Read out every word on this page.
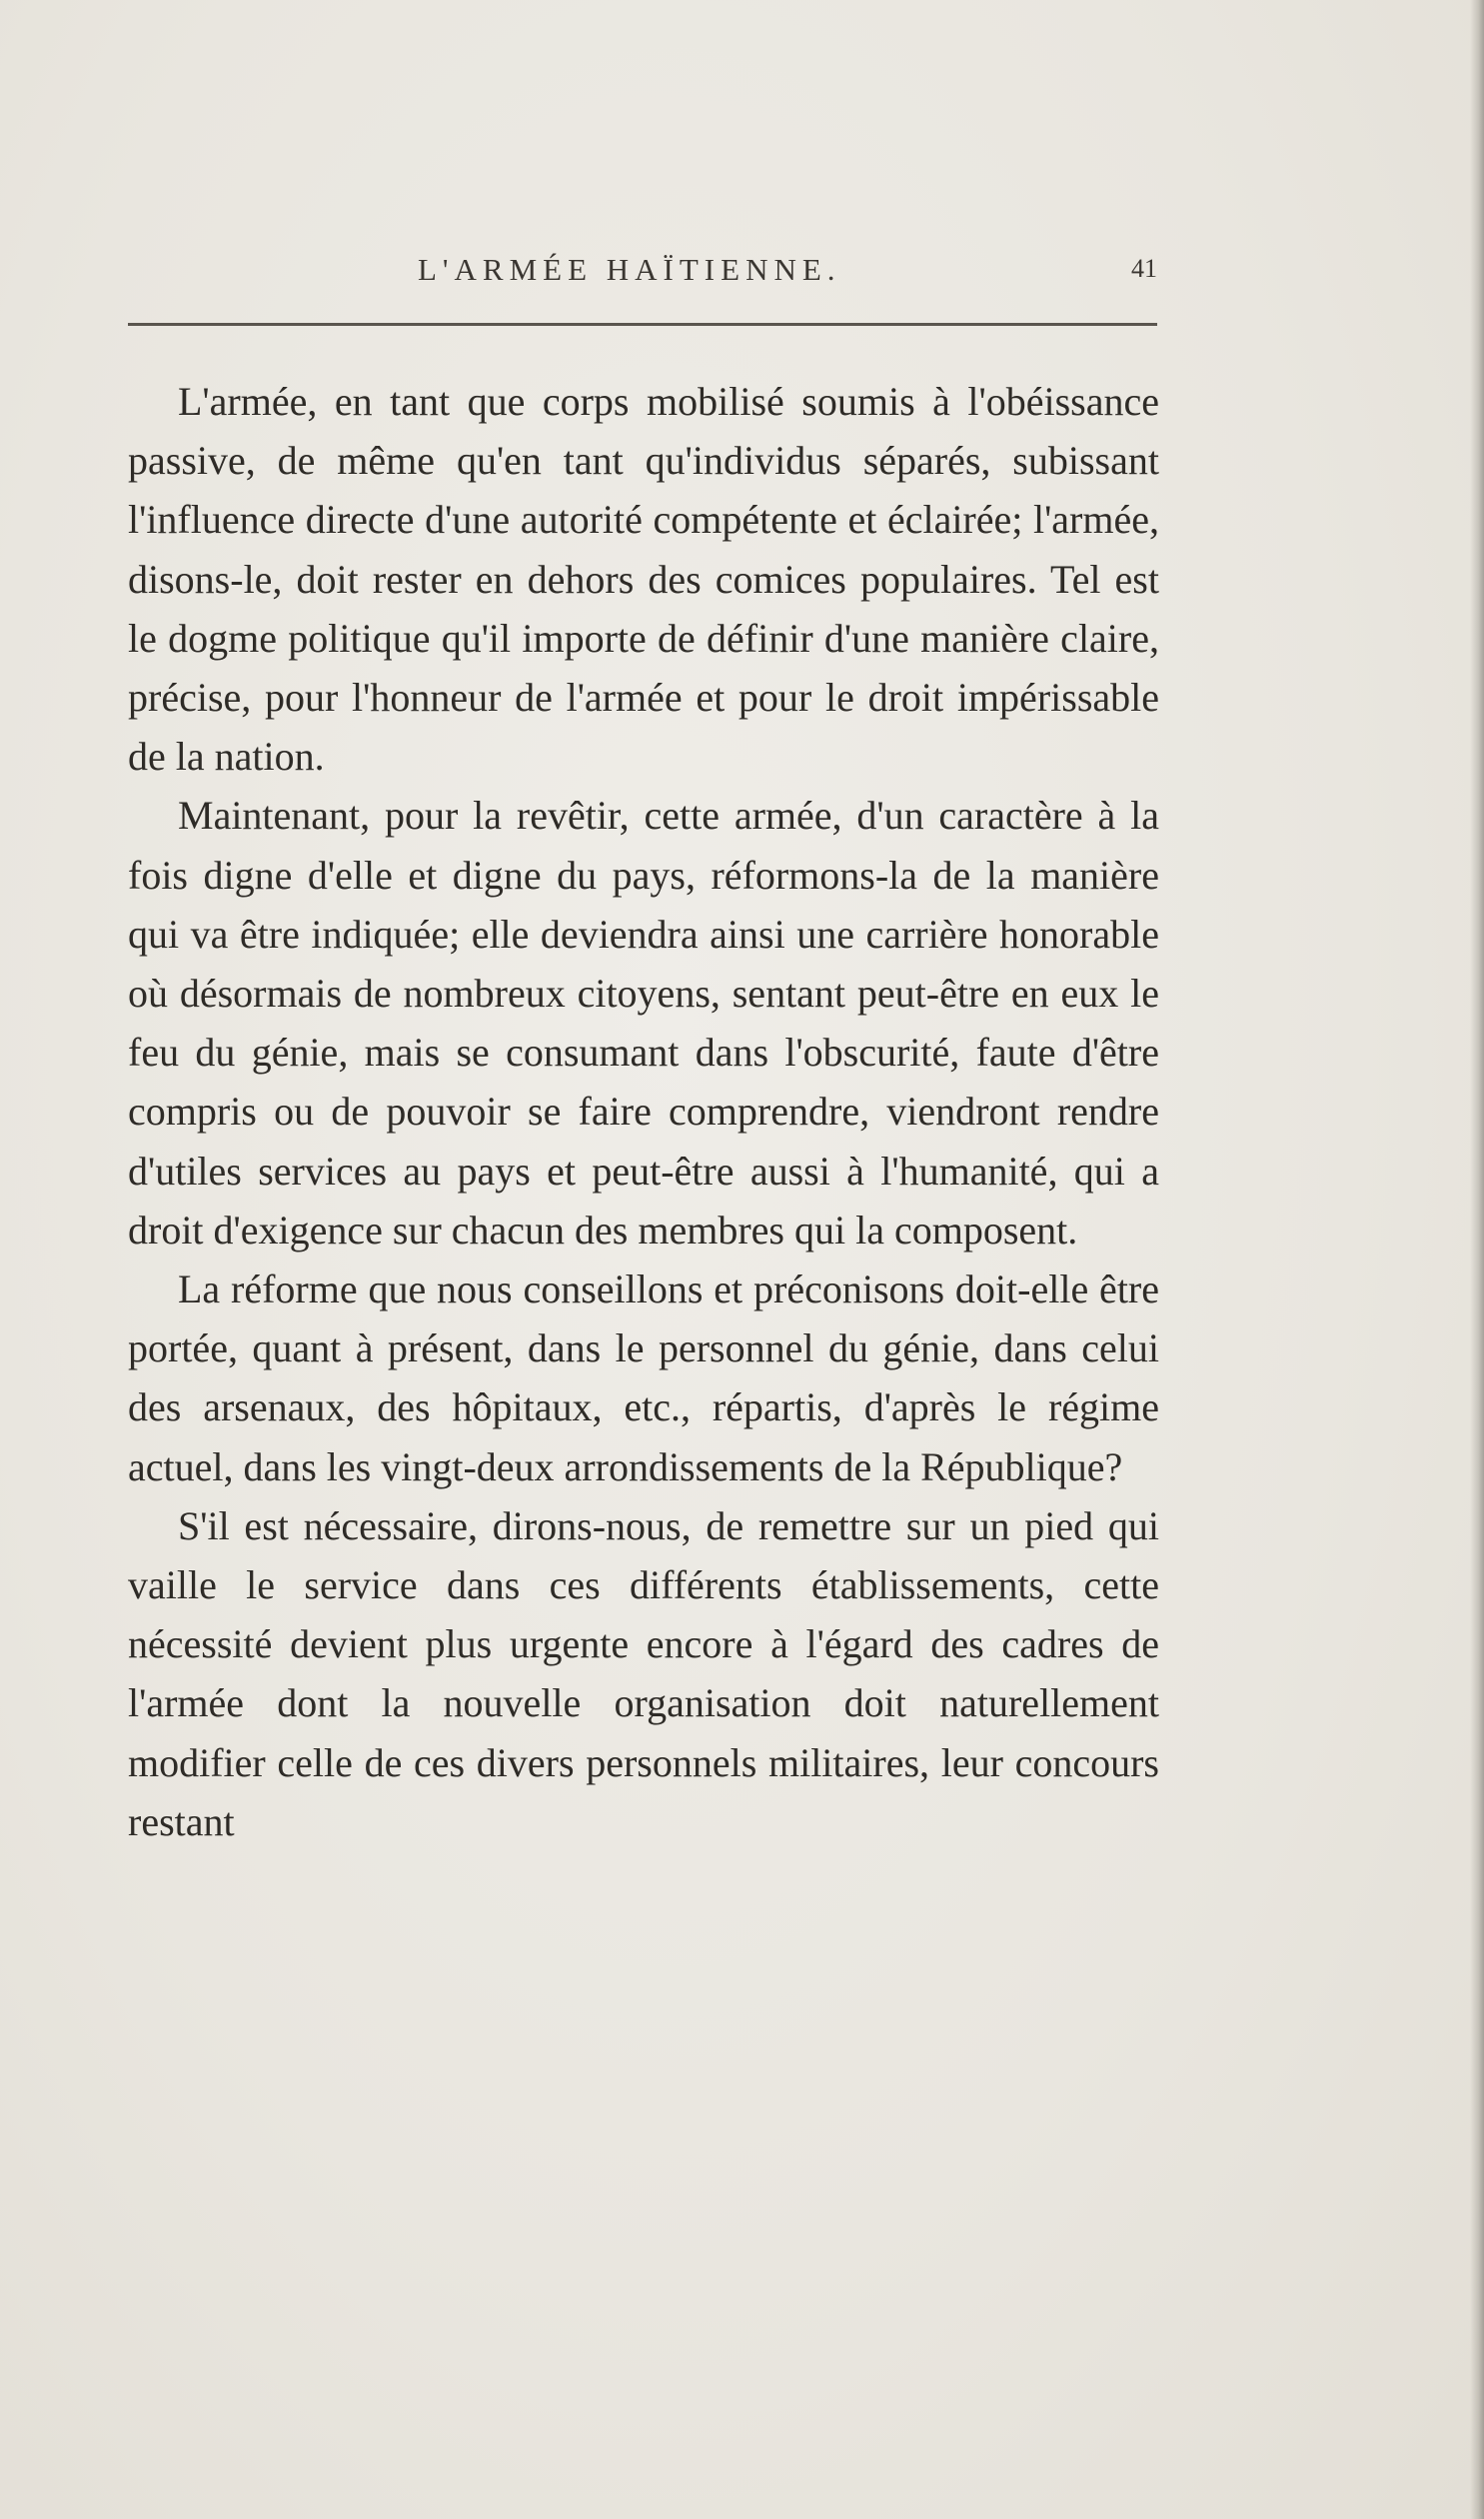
L'ARMÉE HAÏTIENNE.	41

L'armée, en tant que corps mobilisé soumis à l'obéissance passive, de même qu'en tant qu'individus séparés, subissant l'influence directe d'une autorité compétente et éclairée; l'armée, disons-le, doit rester en dehors des comices populaires. Tel est le dogme politique qu'il importe de définir d'une manière claire, précise, pour l'honneur de l'armée et pour le droit impérissable de la nation.

Maintenant, pour la revêtir, cette armée, d'un caractère à la fois digne d'elle et digne du pays, réformons-la de la manière qui va être indiquée; elle deviendra ainsi une carrière honorable où désormais de nombreux citoyens, sentant peut-être en eux le feu du génie, mais se consumant dans l'obscurité, faute d'être compris ou de pouvoir se faire comprendre, viendront rendre d'utiles services au pays et peut-être aussi à l'humanité, qui a droit d'exigence sur chacun des membres qui la composent.

La réforme que nous conseillons et préconisons doit-elle être portée, quant à présent, dans le personnel du génie, dans celui des arsenaux, des hôpitaux, etc., répartis, d'après le régime actuel, dans les vingt-deux arrondissements de la République?

S'il est nécessaire, dirons-nous, de remettre sur un pied qui vaille le service dans ces différents établissements, cette nécessité devient plus urgente encore à l'égard des cadres de l'armée dont la nouvelle organisation doit naturellement modifier celle de ces divers personnels militaires, leur concours restant
